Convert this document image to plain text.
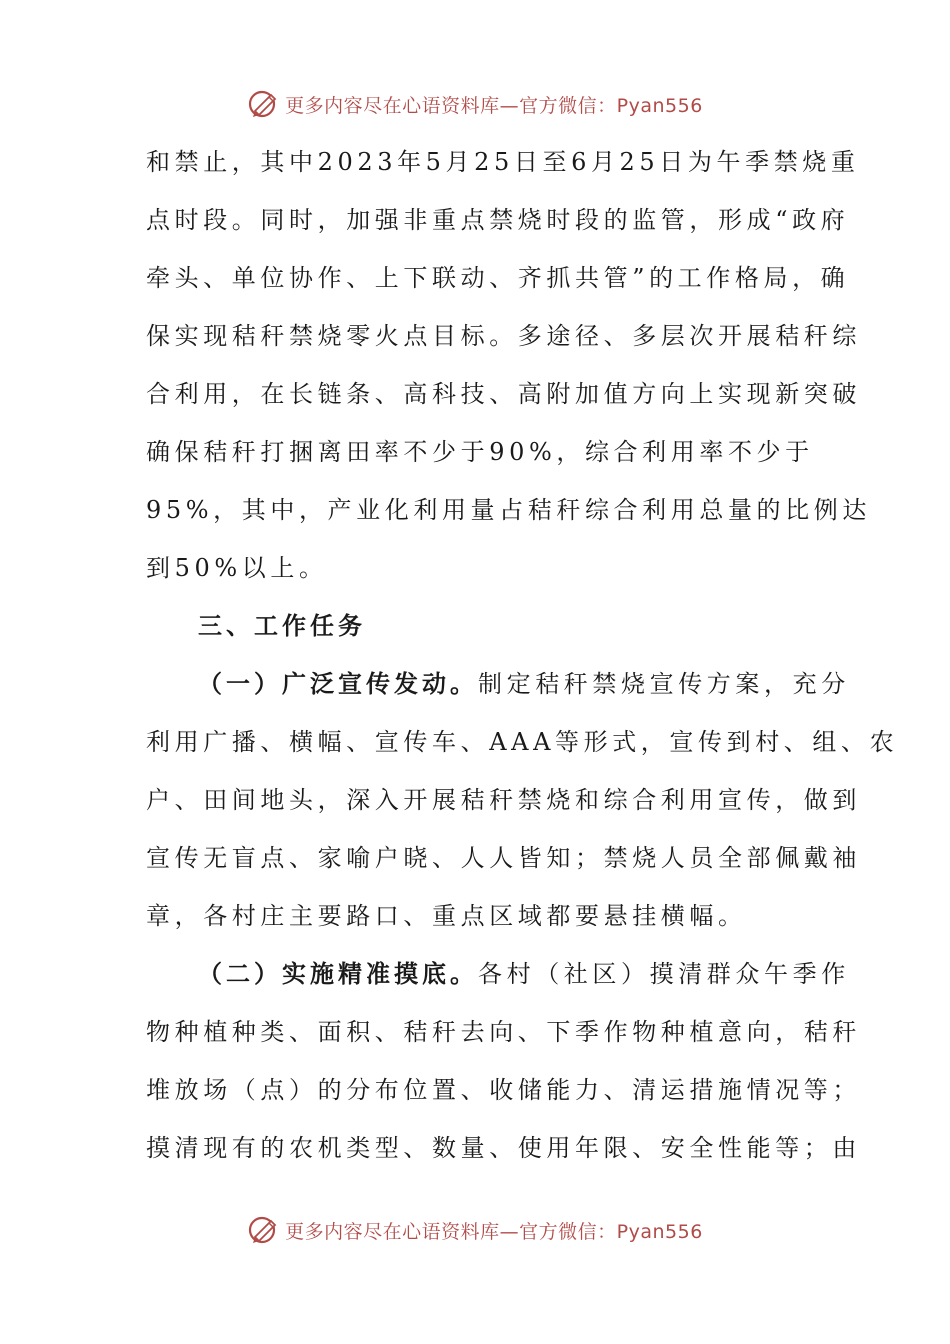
更多内容尽在心语资料库—官方微信：Pyan556
和禁止，其中2023年5月25日至6月25日为午季禁烧重
点时段。同时，加强非重点禁烧时段的监管，形成“政府
牵头、单位协作、上下联动、齐抓共管”的工作格局，确
保实现秸秆禁烧零火点目标。多途径、多层次开展秸秆综
合利用，在长链条、高科技、高附加值方向上实现新突破
确保秸秆打捆离田率不少于90%，综合利用率不少于
95%，其中，产业化利用量占秸秆综合利用总量的比例达
到50%以上。
三、工作任务
（一）广泛宣传发动。制定秸秆禁烧宣传方案，充分
利用广播、横幅、宣传车、AAA等形式，宣传到村、组、农
户、田间地头，深入开展秸秆禁烧和综合利用宣传，做到
宣传无盲点、家喻户晓、人人皆知；禁烧人员全部佩戴袖
章，各村庄主要路口、重点区域都要悬挂横幅。
（二）实施精准摸底。各村（社区）摸清群众午季作
物种植种类、面积、秸秆去向、下季作物种植意向，秸秆
堆放场（点）的分布位置、收储能力、清运措施情况等；
摸清现有的农机类型、数量、使用年限、安全性能等；由
更多内容尽在心语资料库—官方微信：Pyan556
